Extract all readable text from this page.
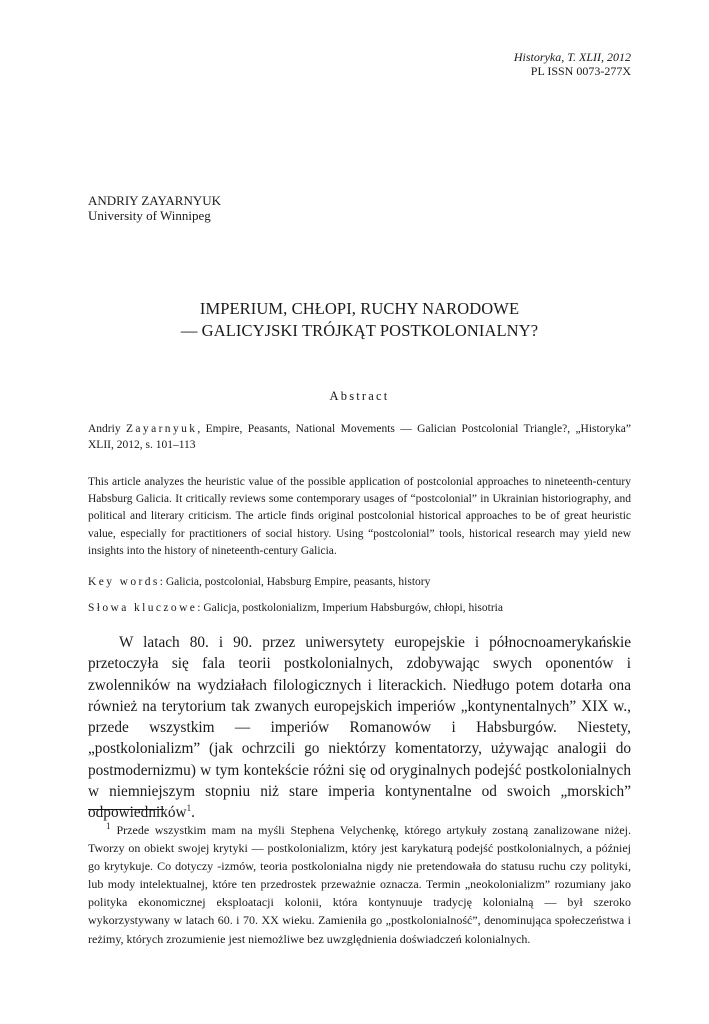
Historyka, T. XLII, 2012
PL ISSN 0073-277X
ANDRIY ZAYARNYUK
University of Winnipeg
IMPERIUM, CHŁOPI, RUCHY NARODOWE
— GALICYJSKI TRÓJKĄT POSTKOLONIALNY?
Abstract
Andriy Zayarnyuk, Empire, Peasants, National Movements — Galician Postcolonial Triangle?, „Historyka” XLII, 2012, s. 101–113
This article analyzes the heuristic value of the possible application of postcolonial approaches to nineteenth-century Habsburg Galicia. It critically reviews some contemporary usages of “postcolonial” in Ukrainian historiography, and political and literary criticism. The article finds original postcolonial historical approaches to be of great heuristic value, especially for practitioners of social history. Using “postcolonial” tools, historical research may yield new insights into the history of nineteenth-century Galicia.
Key words: Galicia, postcolonial, Habsburg Empire, peasants, history
Słowa kluczowe: Galicja, postkolonializm, Imperium Habsburgów, chłopi, hisotria
W latach 80. i 90. przez uniwersytety europejskie i północnoamerykańskie przetoczyła się fala teorii postkolonialnych, zdobywając swych oponentów i zwolenników na wydziałach filologicznych i literackich. Niedługo potem dotarła ona również na terytorium tak zwanych europejskich imperiów „kontynentalnych” XIX w., przede wszystkim — imperiów Romanowów i Habsburgów. Niestety, „postkolonializm” (jak ochrzcili go niektórzy komentatorzy, używając analogii do postmodernizmu) w tym kontekście różni się od oryginalnych podejść postkolonialnych w niemniejszym stopniu niż stare imperia kontynentalne od swoich „morskich” odpowiedników$^1$.
$^1$ Przede wszystkim mam na myśli Stephena Velychenkę, którego artykuły zostaną zanalizowane niżej. Tworzy on obiekt swojej krytyki — postkolonializm, który jest karykaturą podejść postkolonialnych, a później go krytykuje. Co dotyczy -izmów, teoria postkolonialna nigdy nie pretendowała do statusu ruchu czy polityki, lub mody intelektualnej, które ten przedrostek przeważnie oznacza. Termin „neokolonializm” rozumiany jako polityka ekonomicznej eksploatacji kolonii, która kontynuuje tradycję kolonialną — był szeroko wykorzystywany w latach 60. i 70. XX wieku. Zamieniła go „postkolonialność”, denominująca społeczeństwa i reżimy, których zrozumienie jest niemożliwe bez uwzględnienia doświadczeń kolonialnych.
